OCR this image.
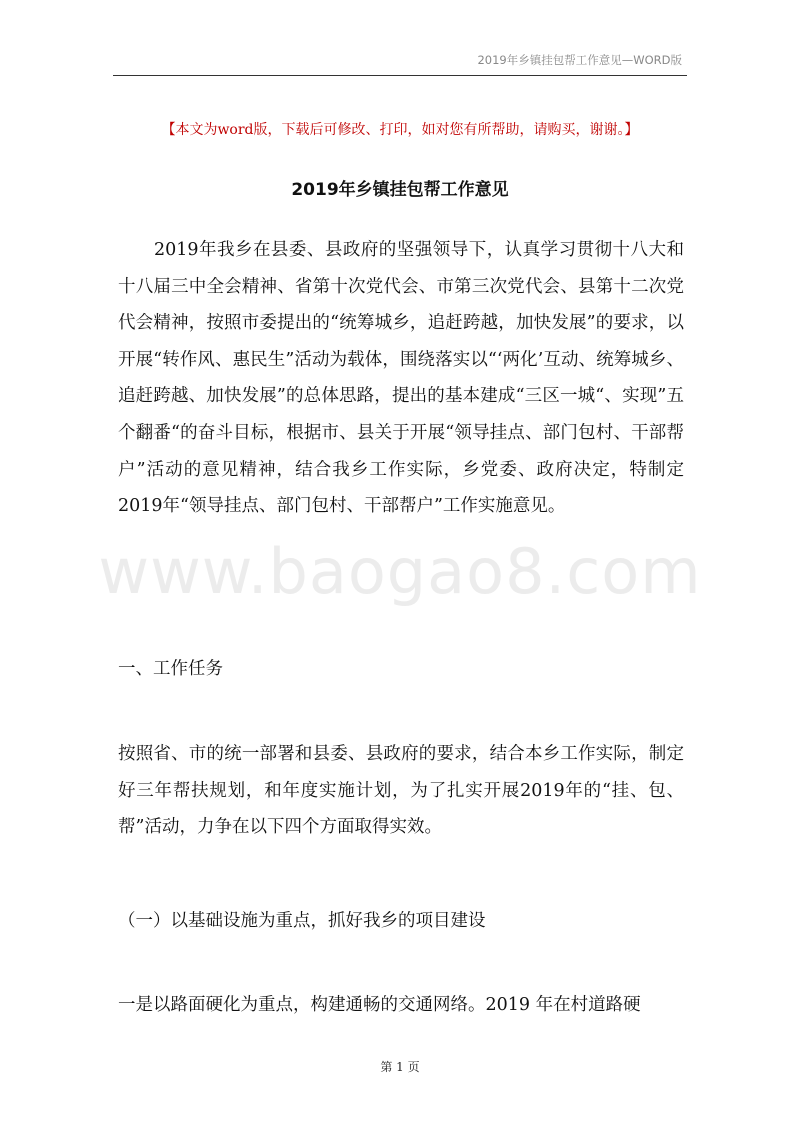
2019年乡镇挂包帮工作意见—WORD版
【本文为word版，下载后可修改、打印，如对您有所帮助，请购买，谢谢。】
2019年乡镇挂包帮工作意见
www.baogao8.com

2019年我乡在县委、县政府的坚强领导下，认真学习贯彻十八大和十八届三中全会精神、省第十次党代会、市第三次党代会、县第十二次党代会精神，按照市委提出的“统筹城乡，追赶跨越，加快发展”的要求，以开展“转作风、惠民生”活动为载体，围绕落实以“‘两化’互动、统筹城乡、追赶跨越、加快发展”的总体思路，提出的基本建成“三区一城“、实现”五个翻番“的奋斗目标，根据市、县关于开展“领导挂点、部门包村、干部帮户”活动的意见精神，结合我乡工作实际，乡党委、政府决定，特制定2019年“领导挂点、部门包村、干部帮户”工作实施意见。

一、工作任务

按照省、市的统一部署和县委、县政府的要求，结合本乡工作实际，制定好三年帮扶规划，和年度实施计划，为了扎实开展2019年的“挂、包、帮”活动，力争在以下四个方面取得实效。

（一）以基础设施为重点，抓好我乡的项目建设

一是以路面硬化为重点，构建通畅的交通网络。2019 年在村道路硬

第 1 页
